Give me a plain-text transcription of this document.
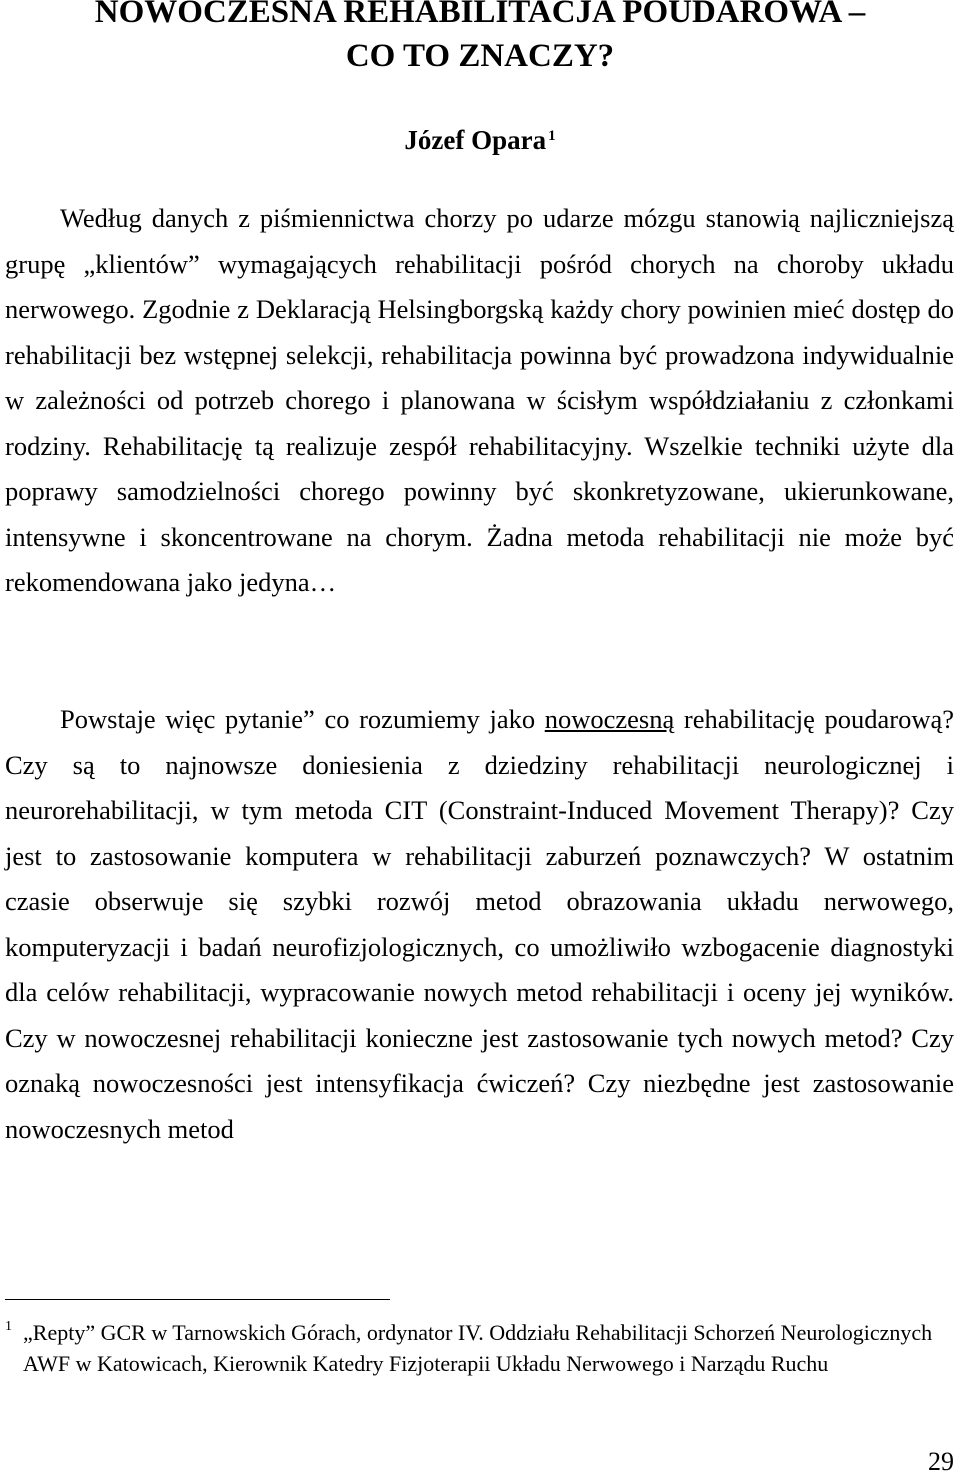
NOWOCZESNA REHABILITACJA POUDAROWA –
CO TO ZNACZY?
Józef Opara $^1$

Według danych z piśmiennictwa chorzy po udarze mózgu stanowią najliczniejszą grupę „klientów” wymagających rehabilitacji pośród chorych na choroby układu nerwowego. Zgodnie z Deklaracją Helsingborgską każdy chory powinien mieć dostęp do rehabilitacji bez wstępnej selekcji, rehabilitacja powinna być prowadzona indywidualnie w zależności od potrzeb chorego i planowana w ścisłym współdziałaniu z członkami rodziny. Rehabilitację tą realizuje zespół rehabilitacyjny. Wszelkie techniki użyte dla poprawy samodzielności chorego powinny być skonkretyzowane, ukierunkowane, intensywne i skoncentrowane na chorym. Żadna metoda rehabilitacji nie może być rekomendowana jako jedyna…

Powstaje więc pytanie” co rozumiemy jako nowoczesną rehabilitację poudarową? Czy są to najnowsze doniesienia z dziedziny rehabilitacji neurologicznej i neurorehabilitacji, w tym metoda CIT (Constraint-Induced Movement Therapy)? Czy jest to zastosowanie komputera w rehabilitacji zaburzeń poznawczych? W ostatnim czasie obserwuje się szybki rozwój metod obrazowania układu nerwowego, komputeryzacji i badań neurofizjologicznych, co umożliwiło wzbogacenie diagnostyki dla celów rehabilitacji, wypracowanie nowych metod rehabilitacji i oceny jej wyników. Czy w nowoczesnej rehabilitacji konieczne jest zastosowanie tych nowych metod? Czy oznaką nowoczesności jest intensyfikacja ćwiczeń? Czy niezbędne jest zastosowanie nowoczesnych metod

1 „Repty” GCR w Tarnowskich Górach, ordynator IV. Oddziału Rehabilitacji Schorzeń Neurologicznych AWF w Katowicach, Kierownik Katedry Fizjoterapii Układu Nerwowego i Narządu Ruchu
29
